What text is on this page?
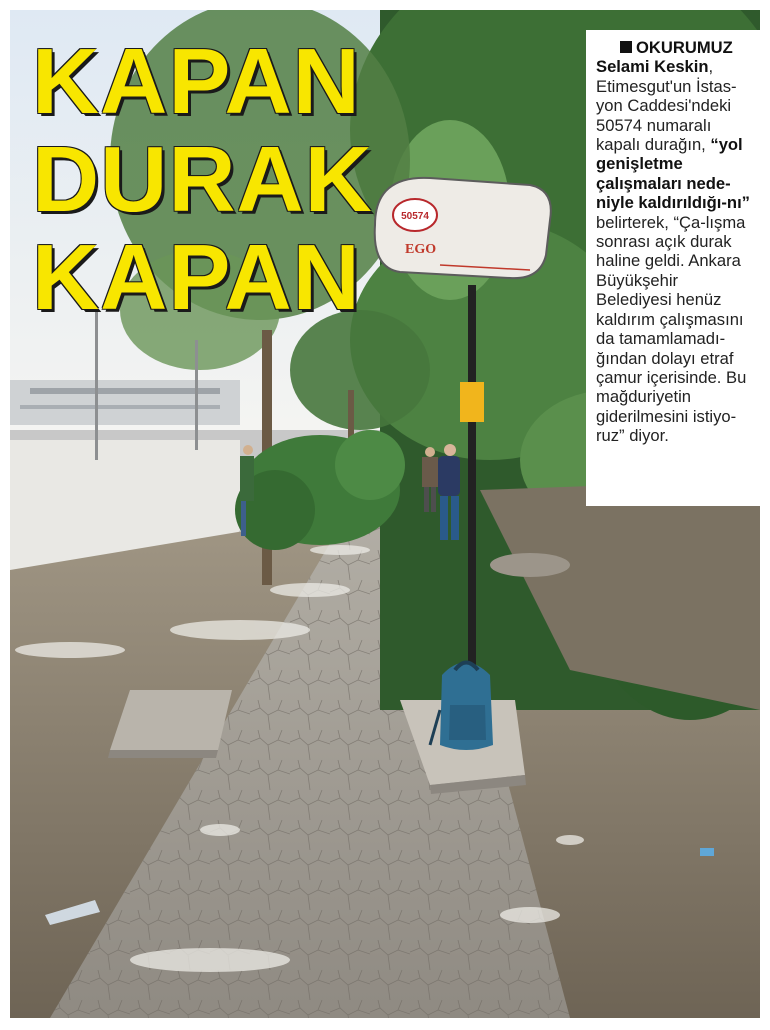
50574
EGO
KAPAN
DURAK
KAPAN
OKURUMUZ
Selami Keskin, Etimesgut'un İstas-yon Caddesi'ndeki 50574 numaralı kapalı durağın, “yol genişletme çalışmaları nede-niyle kaldırıldığı-nı” belirterek, “Ça-lışma sonrası açık durak haline geldi. Ankara Büyükşehir Belediyesi henüz kaldırım çalışmasını da tamamlamadı-ğından dolayı etraf çamur içerisinde. Bu mağduriyetin giderilmesini istiyo-ruz” diyor.
